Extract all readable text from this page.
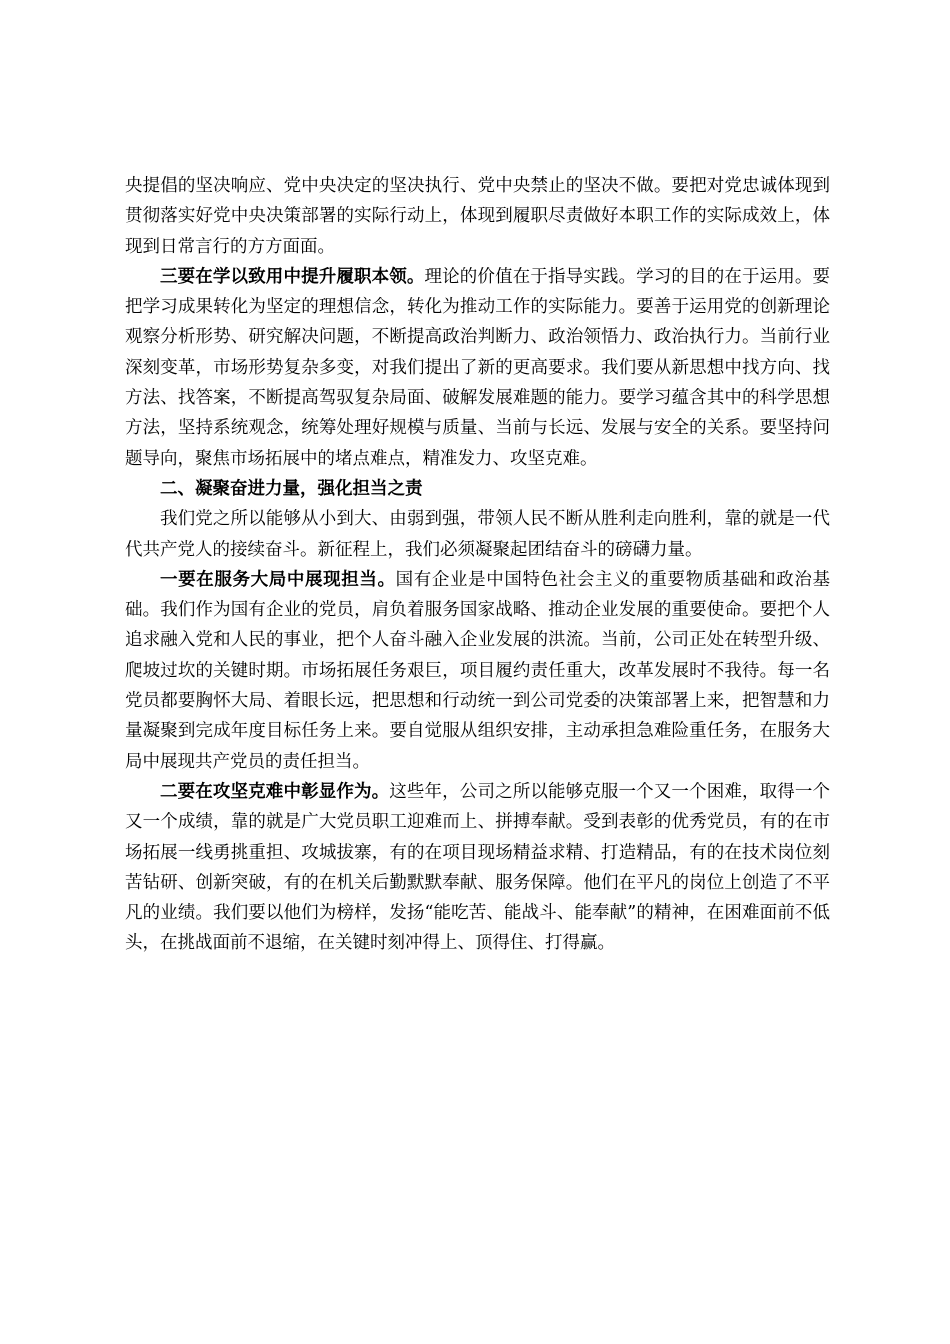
央提倡的坚决响应、党中央决定的坚决执行、党中央禁止的坚决不做。要把对党忠诚体现到贯彻落实好党中央决策部署的实际行动上，体现到履职尽责做好本职工作的实际成效上，体现到日常言行的方方面面。

三要在学以致用中提升履职本领。理论的价值在于指导实践。学习的目的在于运用。要把学习成果转化为坚定的理想信念，转化为推动工作的实际能力。要善于运用党的创新理论观察分析形势、研究解决问题，不断提高政治判断力、政治领悟力、政治执行力。当前行业深刻变革，市场形势复杂多变，对我们提出了新的更高要求。我们要从新思想中找方向、找方法、找答案，不断提高驾驭复杂局面、破解发展难题的能力。要学习蕴含其中的科学思想方法，坚持系统观念，统筹处理好规模与质量、当前与长远、发展与安全的关系。要坚持问题导向，聚焦市场拓展中的堵点难点，精准发力、攻坚克难。

二、凝聚奋进力量，强化担当之责

我们党之所以能够从小到大、由弱到强，带领人民不断从胜利走向胜利，靠的就是一代代共产党人的接续奋斗。新征程上，我们必须凝聚起团结奋斗的磅礴力量。

一要在服务大局中展现担当。国有企业是中国特色社会主义的重要物质基础和政治基础。我们作为国有企业的党员，肩负着服务国家战略、推动企业发展的重要使命。要把个人追求融入党和人民的事业，把个人奋斗融入企业发展的洪流。当前，公司正处在转型升级、爬坡过坎的关键时期。市场拓展任务艰巨，项目履约责任重大，改革发展时不我待。每一名党员都要胸怀大局、着眼长远，把思想和行动统一到公司党委的决策部署上来，把智慧和力量凝聚到完成年度目标任务上来。要自觉服从组织安排，主动承担急难险重任务，在服务大局中展现共产党员的责任担当。

二要在攻坚克难中彰显作为。这些年，公司之所以能够克服一个又一个困难，取得一个又一个成绩，靠的就是广大党员职工迎难而上、拼搏奉献。受到表彰的优秀党员，有的在市场拓展一线勇挑重担、攻城拔寨，有的在项目现场精益求精、打造精品，有的在技术岗位刻苦钻研、创新突破，有的在机关后勤默默奉献、服务保障。他们在平凡的岗位上创造了不平凡的业绩。我们要以他们为榜样，发扬“能吃苦、能战斗、能奉献”的精神，在困难面前不低头，在挑战面前不退缩，在关键时刻冲得上、顶得住、打得赢。
